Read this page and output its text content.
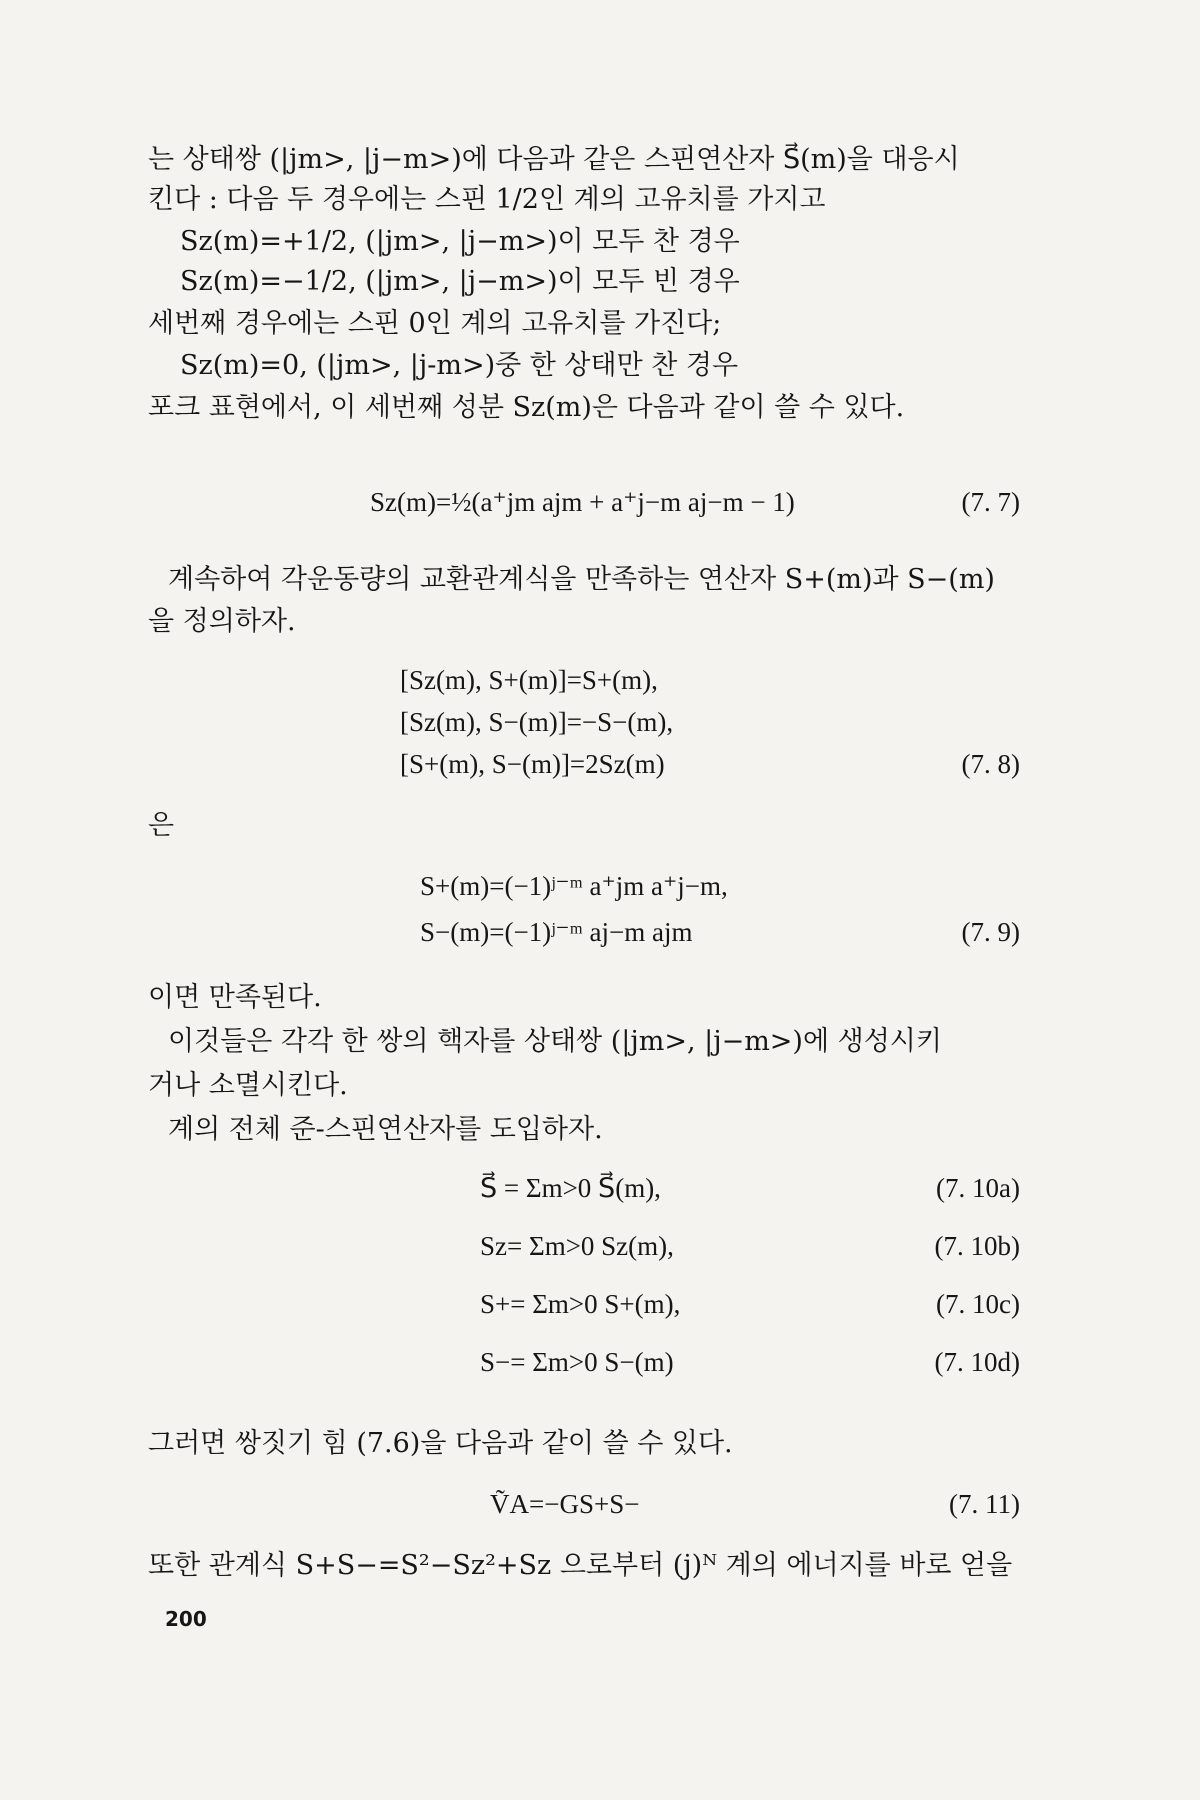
는 상태쌍 (|jm>, |j−m>)에 다음과 같은 스핀연산자 S⃗(m)을 대응시
킨다 : 다음 두 경우에는 스핀 1/2인 계의 고유치를 가지고
Sz(m)=+1/2, (|jm>, |j−m>)이 모두 찬 경우
Sz(m)=−1/2, (|jm>, |j−m>)이 모두 빈 경우
세번째 경우에는 스핀 0인 계의 고유치를 가진다;
Sz(m)=0, (|jm>, |j-m>)중 한 상태만 찬 경우
포크 표현에서, 이 세번째 성분 Sz(m)은 다음과 같이 쓸 수 있다.
Sz(m)=½(a⁺jm ajm + a⁺j−m aj−m − 1)	(7. 7)
계속하여 각운동량의 교환관계식을 만족하는 연산자 S+(m)과 S−(m)
을 정의하자.
[Sz(m), S+(m)]=S+(m),
[Sz(m), S−(m)]=−S−(m),
[S+(m), S−(m)]=2Sz(m)	(7. 8)
은
S+(m)=(−1)ʲ⁻ᵐ a⁺jm a⁺j−m,
S−(m)=(−1)ʲ⁻ᵐ aj−m ajm	(7. 9)
이면 만족된다.
이것들은 각각 한 쌍의 핵자를 상태쌍 (|jm>, |j−m>)에 생성시키
거나 소멸시킨다.
계의 전체 준-스핀연산자를 도입하자.
S⃗ = Σm>0 S⃗(m),	(7. 10a)
Sz= Σm>0 Sz(m),	(7. 10b)
S+= Σm>0 S+(m),	(7. 10c)
S−= Σm>0 S−(m)	(7. 10d)
그러면 쌍짓기 힘 (7.6)을 다음과 같이 쓸 수 있다.
ṼA=−GS+S−	(7. 11)
또한 관계식 S+S−=S²−Sz²+Sz 으로부터 (j)ᴺ 계의 에너지를 바로 얻을
200
